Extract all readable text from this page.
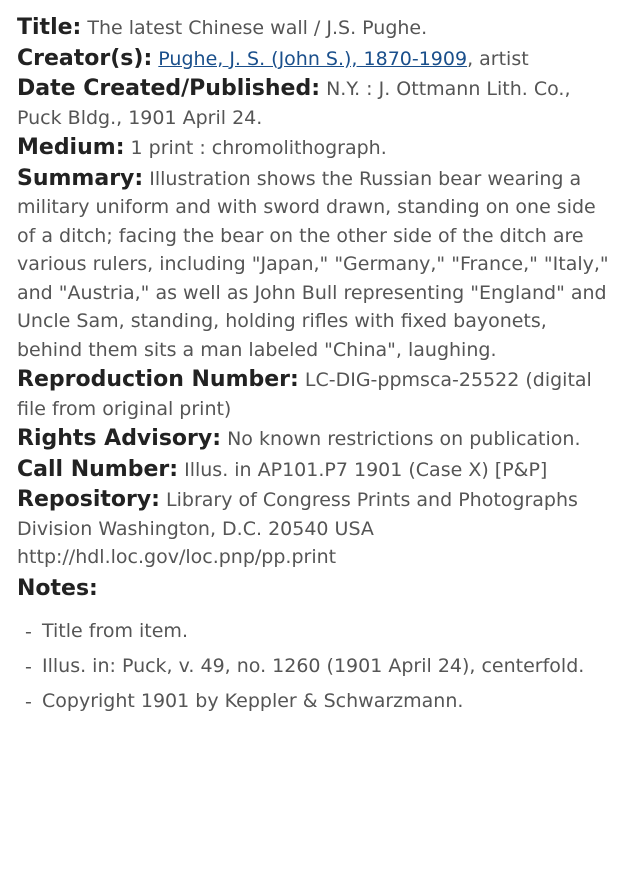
Title: The latest Chinese wall / J.S. Pughe.
Creator(s): Pughe, J. S. (John S.), 1870-1909, artist
Date Created/Published: N.Y. : J. Ottmann Lith. Co., Puck Bldg., 1901 April 24.
Medium: 1 print : chromolithograph.
Summary: Illustration shows the Russian bear wearing a military uniform and with sword drawn, standing on one side of a ditch; facing the bear on the other side of the ditch are various rulers, including "Japan," "Germany," "France," "Italy," and "Austria," as well as John Bull representing "England" and Uncle Sam, standing, holding rifles with fixed bayonets, behind them sits a man labeled "China", laughing.
Reproduction Number: LC-DIG-ppmsca-25522 (digital file from original print)
Rights Advisory: No known restrictions on publication.
Call Number: Illus. in AP101.P7 1901 (Case X) [P&P]
Repository: Library of Congress Prints and Photographs Division Washington, D.C. 20540 USA http://hdl.loc.gov/loc.pnp/pp.print
Notes:
- Title from item.
- Illus. in: Puck, v. 49, no. 1260 (1901 April 24), centerfold.
- Copyright 1901 by Keppler & Schwarzmann.
